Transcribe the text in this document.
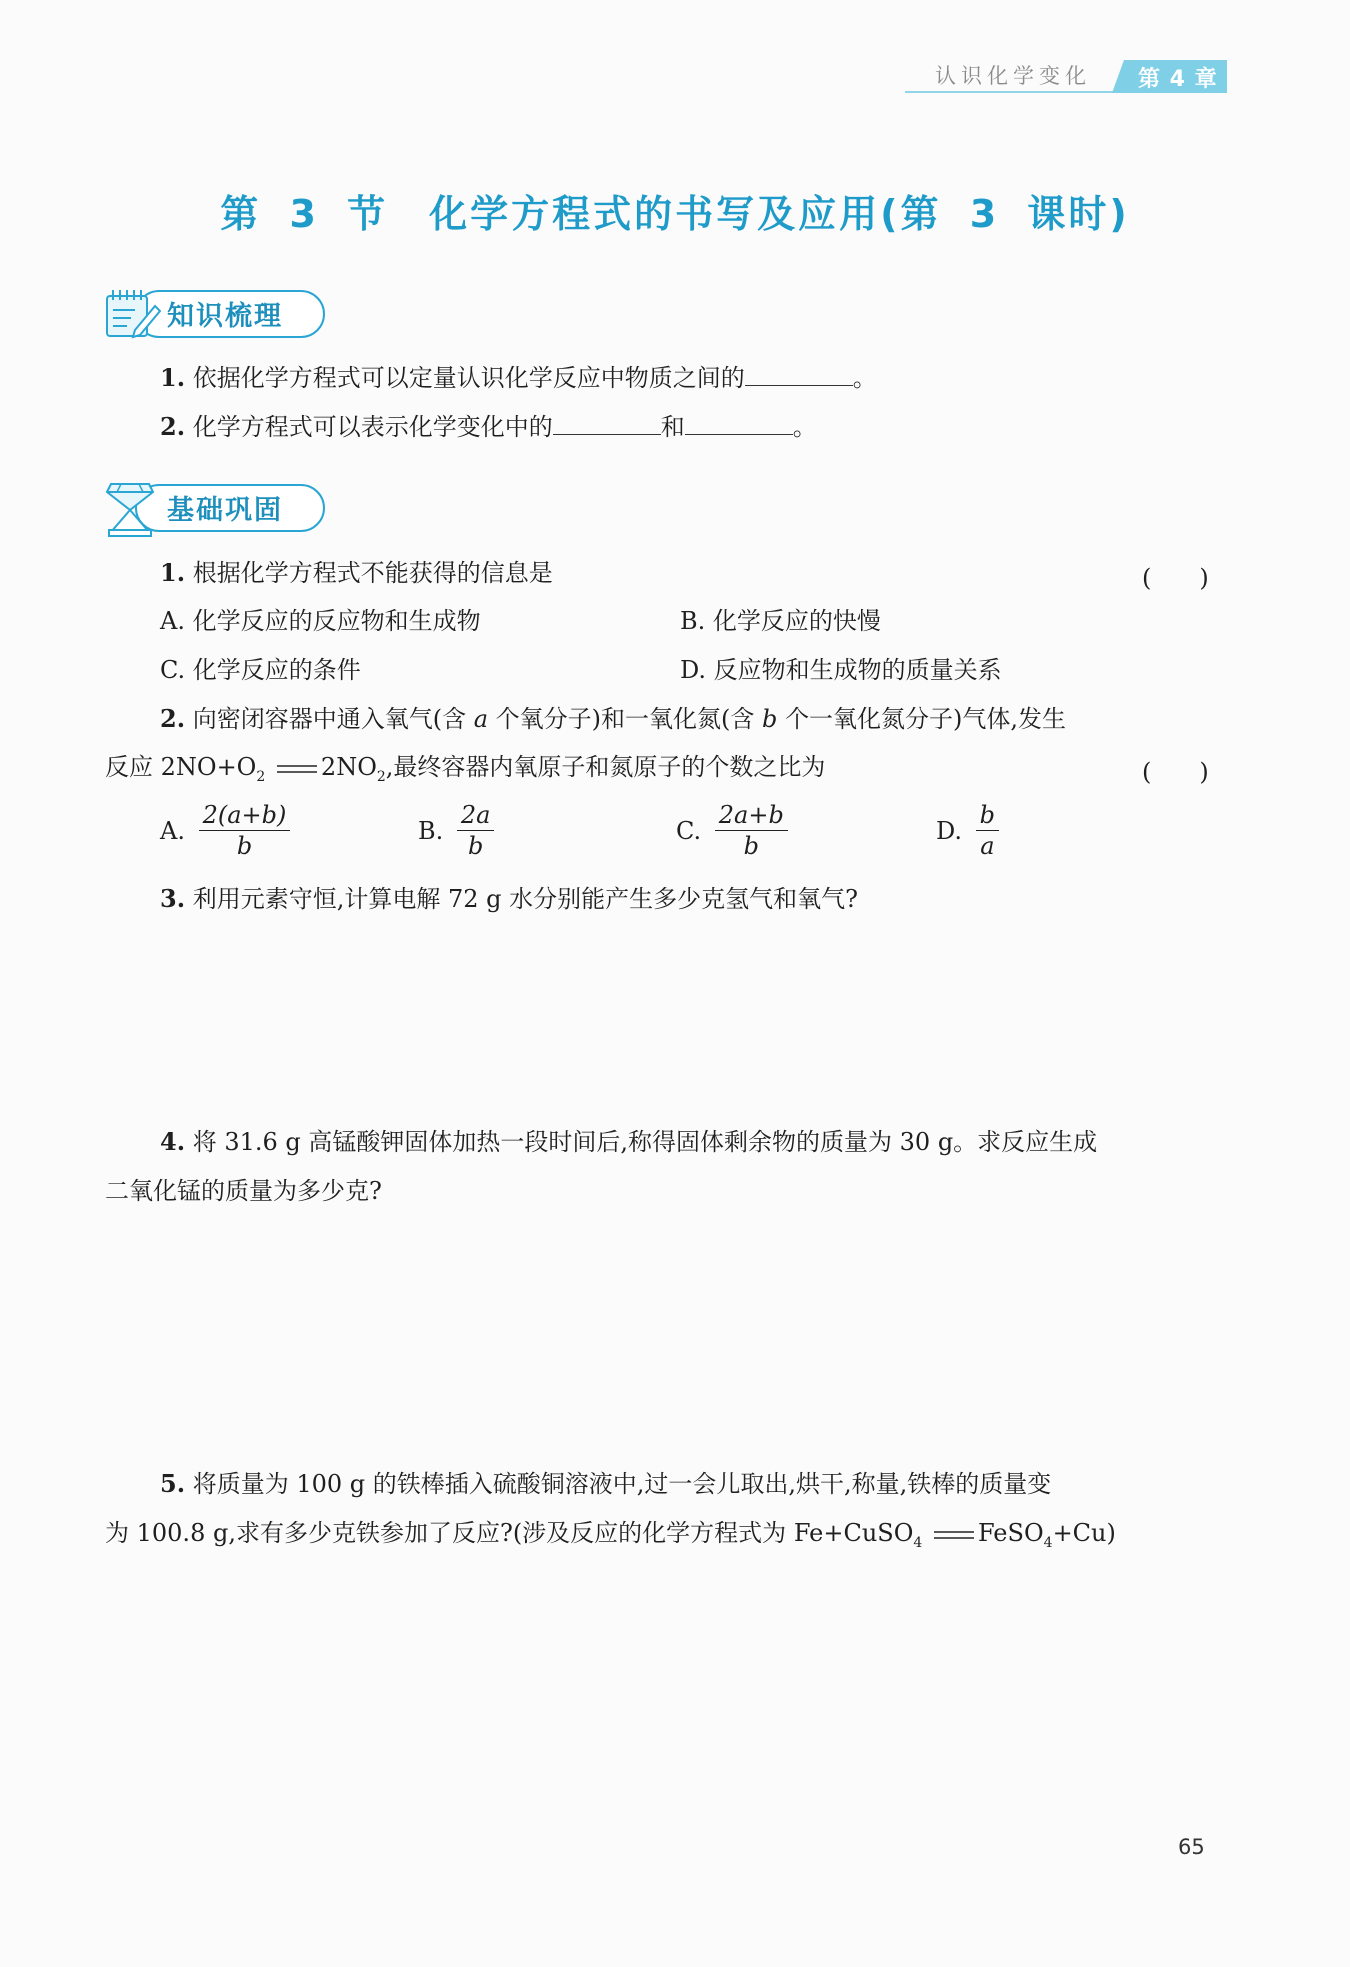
认识化学变化 第 4 章
第 3 节　化学方程式的书写及应用(第 3 课时)
知识梳理
1. 依据化学方程式可以定量认识化学反应中物质之间的	。
2. 化学方程式可以表示化学变化中的	和	。
基础巩固
1. 根据化学方程式不能获得的信息是	(　　)
A. 化学反应的反应物和生成物	B. 化学反应的快慢
C. 化学反应的条件	D. 反应物和生成物的质量关系
2. 向密闭容器中通入氧气(含 a 个氧分子)和一氧化氮(含 b 个一氧化氮分子)气体,发生
反应 $2NO+O_2$ $2NO_2$,最终容器内氧原子和氮原子的个数之比为	(　　)
A. $\frac{2(a+b)}{b}$	B. $\frac{2a}{b}$	C. $\frac{2a+b}{b}$	D. $\frac{b}{a}$
3. 利用元素守恒,计算电解 72 g 水分别能产生多少克氢气和氧气?
4. 将 31.6 g 高锰酸钾固体加热一段时间后,称得固体剩余物的质量为 30 g。求反应生成
二氧化锰的质量为多少克?
5. 将质量为 100 g 的铁棒插入硫酸铜溶液中,过一会儿取出,烘干,称量,铁棒的质量变
为 100.8 g,求有多少克铁参加了反应?(涉及反应的化学方程式为 Fe+CuSO$_4$ FeSO$_4$+Cu)
65
